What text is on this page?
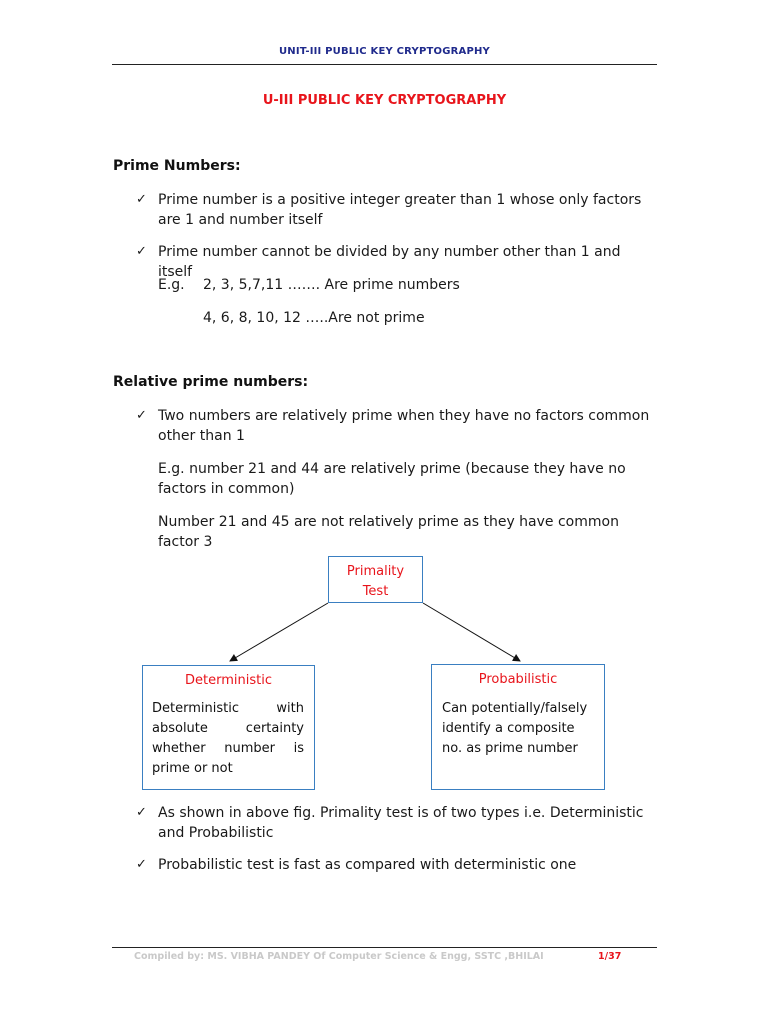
UNIT-III PUBLIC KEY CRYPTOGRAPHY
U-III PUBLIC KEY CRYPTOGRAPHY
Prime Numbers:
✓ Prime number is a positive integer greater than 1 whose only factors are 1 and number itself
✓ Prime number cannot be divided by any number other than 1 and itself
E.g. 2, 3, 5,7,11 ……. Are prime numbers
4, 6, 8, 10, 12 …..Are not prime
Relative prime numbers:
✓ Two numbers are relatively prime when they have no factors common other than 1
E.g. number 21 and 44 are relatively prime (because they have no factors in common)
Number 21 and 45 are not relatively prime as they have common factor 3
Primality Test
Deterministic
Deterministic with absolute certainty whether number is prime or not
Probabilistic
Can potentially/falsely identify a composite no. as prime number
✓ As shown in above fig. Primality test is of two types i.e. Deterministic and Probabilistic
✓ Probabilistic test is fast as compared with deterministic one
Compiled by: MS. VIBHA PANDEY Of Computer Science & Engg, SSTC ,BHILAI	1/37
